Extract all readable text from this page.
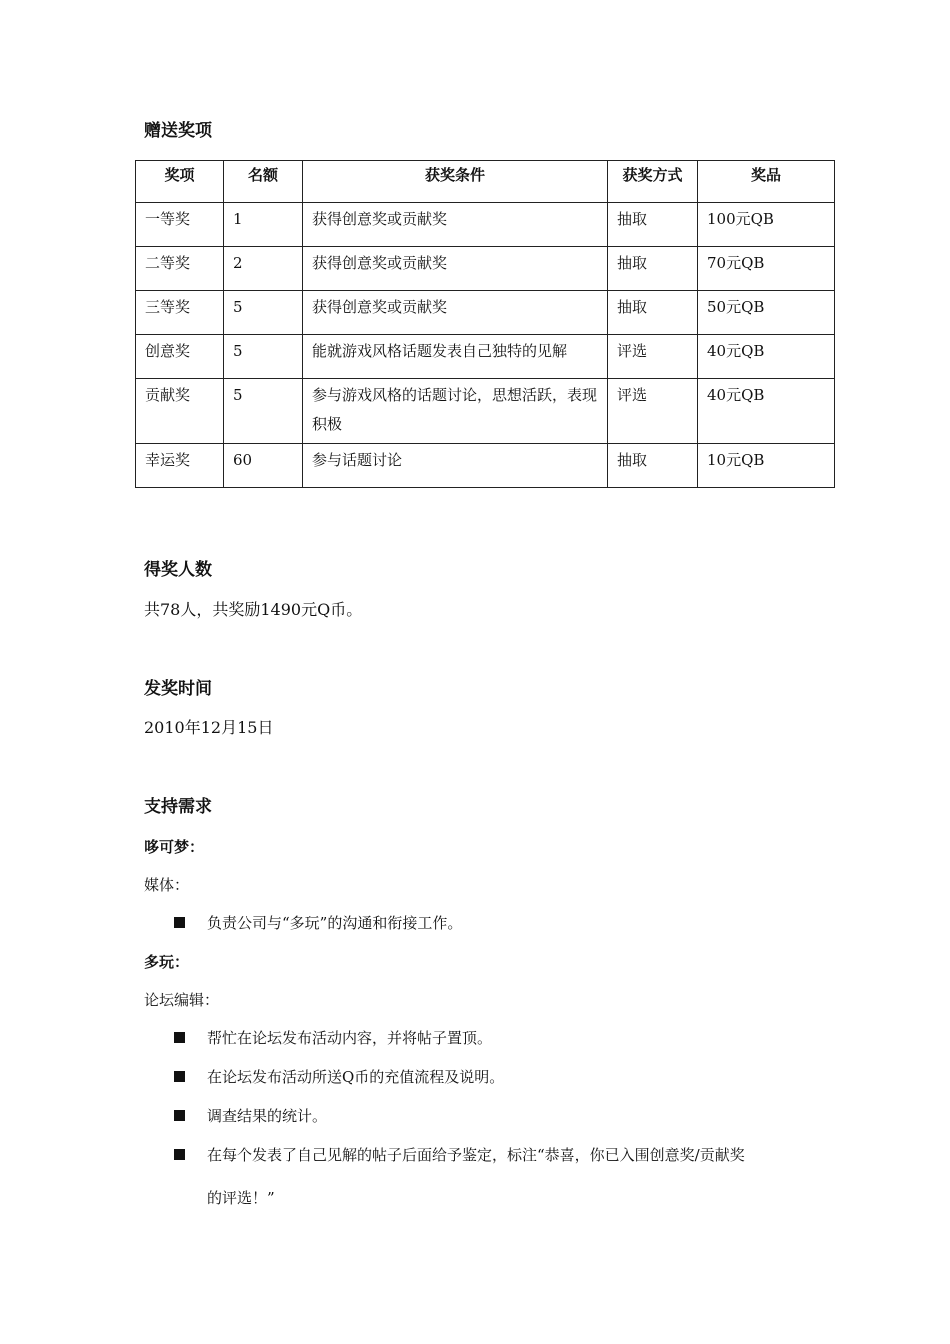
赠送奖项
奖项	名额	获奖条件	获奖方式	奖品
一等奖	1	获得创意奖或贡献奖	抽取	100元QB
二等奖	2	获得创意奖或贡献奖	抽取	70元QB
三等奖	5	获得创意奖或贡献奖	抽取	50元QB
创意奖	5	能就游戏风格话题发表自己独特的见解	评选	40元QB
贡献奖	5	参与游戏风格的话题讨论，思想活跃，表现积极	评选	40元QB
幸运奖	60	参与话题讨论	抽取	10元QB
得奖人数
共78人，共奖励1490元Q币。
发奖时间
2010年12月15日
支持需求
哆可梦：
媒体：
负责公司与“多玩”的沟通和衔接工作。
多玩：
论坛编辑：
帮忙在论坛发布活动内容，并将帖子置顶。
在论坛发布活动所送Q币的充值流程及说明。
调查结果的统计。
在每个发表了自己见解的帖子后面给予鉴定，标注“恭喜，你已入围创意奖/贡献奖
的评选！”
